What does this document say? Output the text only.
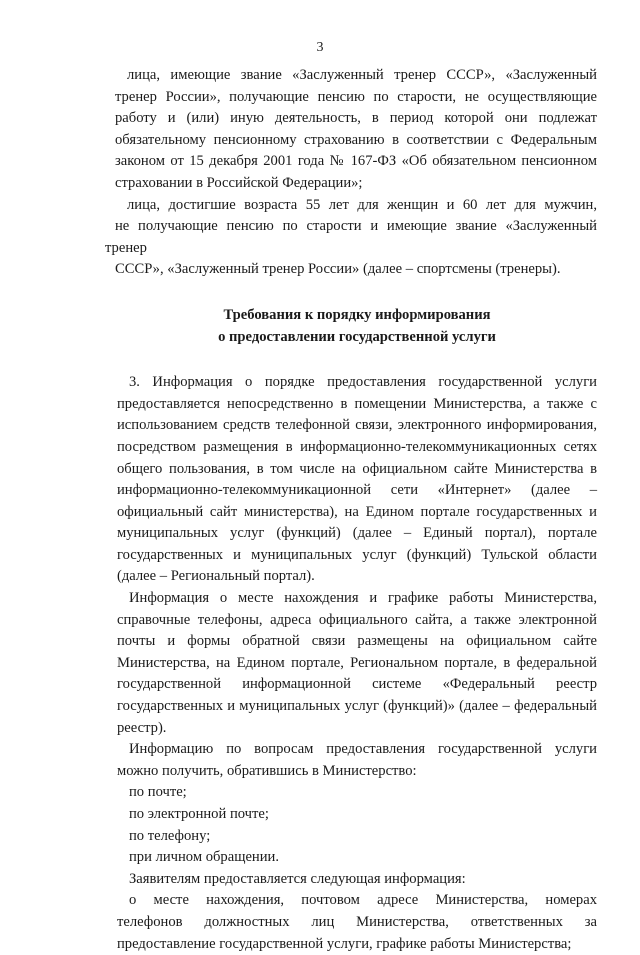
3
лица, имеющие звание «Заслуженный тренер СССР», «Заслуженный
тренер России», получающие пенсию по старости, не осуществляющие
работу и (или) иную деятельность, в период которой они подлежат
обязательному пенсионному страхованию в соответствии с Федеральным
законом от 15 декабря 2001 года № 167-ФЗ «Об обязательном пенсионном
страховании в Российской Федерации»;
лица, достигшие возраста 55 лет для женщин и 60 лет для мужчин,
не получающие пенсию по старости и имеющие звание «Заслуженный тренер
СССР», «Заслуженный тренер России» (далее – спортсмены (тренеры).
Требования к порядку информирования
о предоставлении государственной услуги
3. Информация о порядке предоставления государственной услуги
предоставляется непосредственно в помещении Министерства, а также с
использованием средств телефонной связи, электронного информирования,
посредством размещения в информационно-телекоммуникационных сетях
общего пользования, в том числе на официальном сайте Министерства в
информационно-телекоммуникационной сети «Интернет» (далее –
официальный сайт министерства), на Едином портале государственных и
муниципальных услуг (функций) (далее – Единый портал), портале
государственных и муниципальных услуг (функций) Тульской области
(далее – Региональный портал).
Информация о месте нахождения и графике работы Министерства,
справочные телефоны, адреса официального сайта, а также электронной
почты и формы обратной связи размещены на официальном сайте
Министерства, на Едином портале, Региональном портале, в федеральной
государственной информационной системе «Федеральный реестр
государственных и муниципальных услуг (функций)» (далее – федеральный
реестр).
Информацию по вопросам предоставления государственной услуги
можно получить, обратившись в Министерство:
по почте;
по электронной почте;
по телефону;
при личном обращении.
Заявителям предоставляется следующая информация:
о месте нахождения, почтовом адресе Министерства, номерах
телефонов должностных лиц Министерства, ответственных за
предоставление государственной услуги, графике работы Министерства;
